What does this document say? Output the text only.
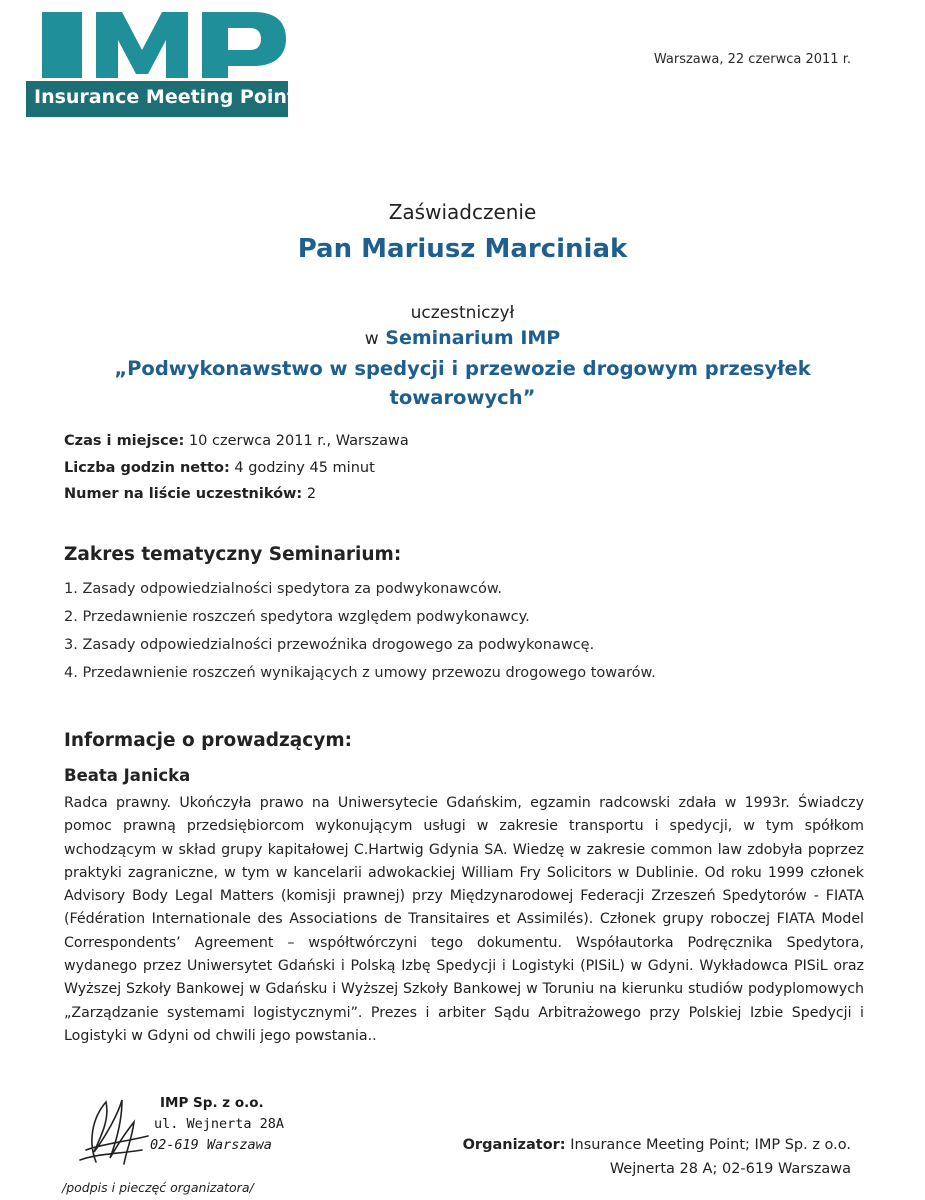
Insurance Meeting Point
Warszawa, 22 czerwca 2011 r.
Zaświadczenie
Pan Mariusz Marciniak
uczestniczył
w Seminarium IMP
„Podwykonawstwo w spedycji i przewozie drogowym przesyłek
towarowych”
Czas i miejsce: 10 czerwca 2011 r., Warszawa
Liczba godzin netto: 4 godziny 45 minut
Numer na liście uczestników: 2
Zakres tematyczny Seminarium:
1. Zasady odpowiedzialności spedytora za podwykonawców.
2. Przedawnienie roszczeń spedytora względem podwykonawcy.
3. Zasady odpowiedzialności przewoźnika drogowego za podwykonawcę.
4. Przedawnienie roszczeń wynikających z umowy przewozu drogowego towarów.
Informacje o prowadzącym:
Beata Janicka

Radca prawny. Ukończyła prawo na Uniwersytecie Gdańskim, egzamin radcowski zdała w 1993r. Świadczy pomoc prawną przedsiębiorcom wykonującym usługi w zakresie transportu i spedycji, w tym spółkom wchodzącym w skład grupy kapitałowej C.Hartwig Gdynia SA. Wiedzę w zakresie common law zdobyła poprzez praktyki zagraniczne, w tym w kancelarii adwokackiej William Fry Solicitors w Dublinie. Od roku 1999 członek Advisory Body Legal Matters (komisji prawnej) przy Międzynarodowej Federacji Zrzeszeń Spedytorów - FIATA (Fédération Internationale des Associations de Transitaires et Assimilés). Członek grupy roboczej FIATA Model Correspondents’ Agreement – współtwórczyni tego dokumentu. Współautorka Podręcznika Spedytora, wydanego przez Uniwersytet Gdański i Polską Izbę Spedycji i Logistyki (PISiL) w Gdyni. Wykładowca PISiL oraz Wyższej Szkoły Bankowej w Gdańsku i Wyższej Szkoły Bankowej w Toruniu na kierunku studiów podyplomowych „Zarządzanie systemami logistycznymi”. Prezes i arbiter Sądu Arbitrażowego przy Polskiej Izbie Spedycji i Logistyki w Gdyni od chwili jego powstania..

IMP Sp. z o.o.
ul. Wejnerta 28A
02-619 Warszawa
/podpis i pieczęć organizatora/
Organizator: Insurance Meeting Point; IMP Sp. z o.o.
Wejnerta 28 A; 02-619 Warszawa
